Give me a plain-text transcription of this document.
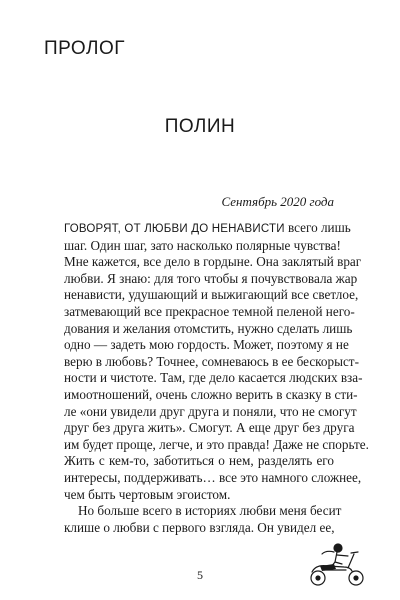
ПРОЛОГ
ПОЛИН
Сентябрь 2020 года
ГОВОРЯТ, ОТ ЛЮБВИ ДО НЕНАВИСТИ всего лишь
шаг. Один шаг, зато насколько полярные чувства!
Мне кажется, все дело в гордыне. Она заклятый враг
любви. Я знаю: для того чтобы я почувствовала жар
ненависти, удушающий и выжигающий все светлое,
затмевающий все прекрасное темной пеленой него-
дования и желания отомстить, нужно сделать лишь
одно — задеть мою гордость. Может, поэтому я не
верю в любовь? Точнее, сомневаюсь в ее бескорыст-
ности и чистоте. Там, где дело касается людских вза-
имоотношений, очень сложно верить в сказку в сти-
ле «они увидели друг друга и поняли, что не смогут
друг без друга жить». Смогут. А еще друг без друга
им будет проще, легче, и это правда! Даже не спорьте.
Жить с кем-то, заботиться о нем, разделять его
интересы, поддерживать… все это намного сложнее,
чем быть чертовым эгоистом.
Но больше всего в историях любви меня бесит
клише о любви с первого взгляда. Он увидел ее,
5
